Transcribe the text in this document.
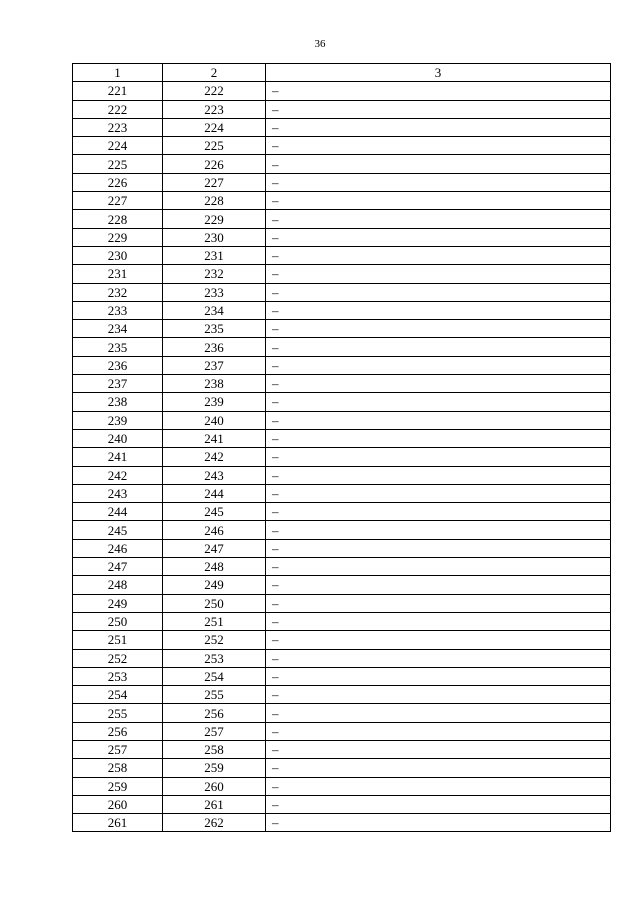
36
1	2	3
221	222	–
222	223	–
223	224	–
224	225	–
225	226	–
226	227	–
227	228	–
228	229	–
229	230	–
230	231	–
231	232	–
232	233	–
233	234	–
234	235	–
235	236	–
236	237	–
237	238	–
238	239	–
239	240	–
240	241	–
241	242	–
242	243	–
243	244	–
244	245	–
245	246	–
246	247	–
247	248	–
248	249	–
249	250	–
250	251	–
251	252	–
252	253	–
253	254	–
254	255	–
255	256	–
256	257	–
257	258	–
258	259	–
259	260	–
260	261	–
261	262	–
